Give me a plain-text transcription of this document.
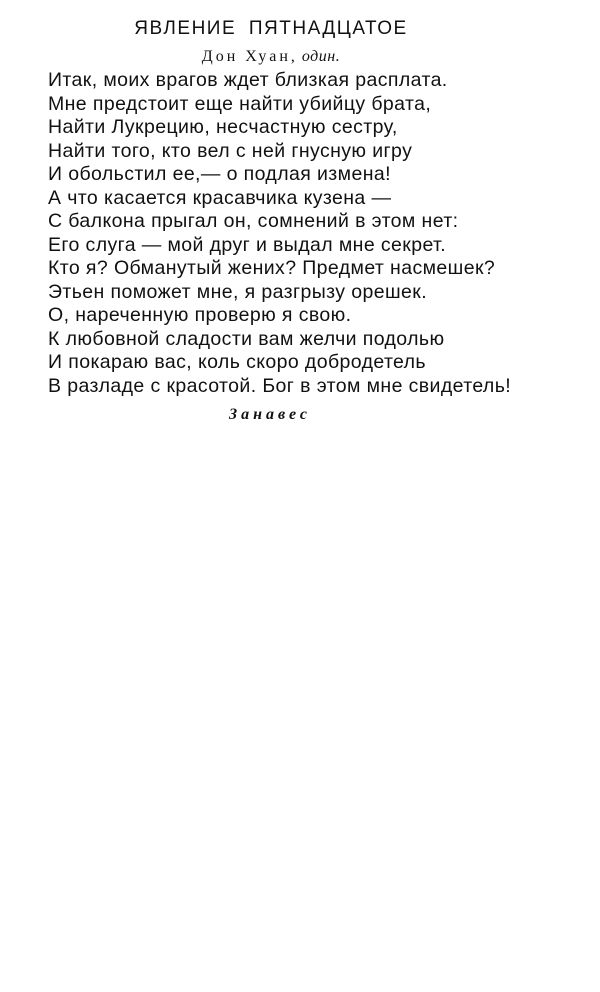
ЯВЛЕНИЕ ПЯТНАДЦАТОЕ
Дон Хуан, один.
Итак, моих врагов ждет близкая расплата.
Мне предстоит еще найти убийцу брата,
Найти Лукрецию, несчастную сестру,
Найти того, кто вел с ней гнусную игру
И обольстил ее,— о подлая измена!
А что касается красавчика кузена —
С балкона прыгал он, сомнений в этом нет:
Его слуга — мой друг и выдал мне секрет.
Кто я? Обманутый жених? Предмет насмешек?
Этьен поможет мне, я разгрызу орешек.
О, нареченную проверю я свою.
К любовной сладости вам желчи подолью
И покараю вас, коль скоро добродетель
В разладе с красотой. Бог в этом мне свидетель!
Занавес
